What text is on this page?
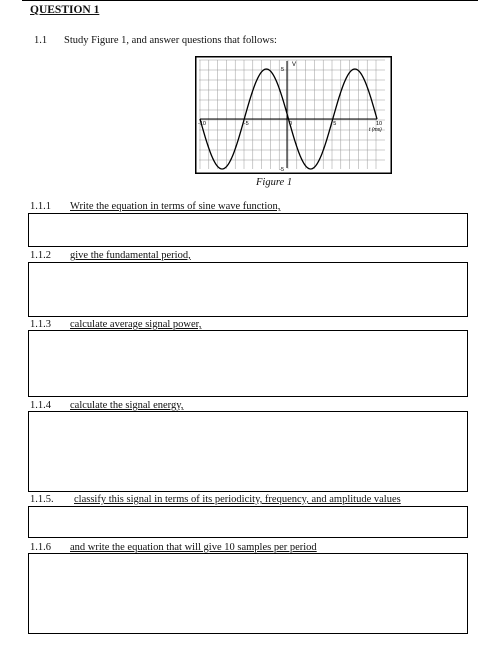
QUESTION 1
1.1 Study Figure 1, and answer questions that follows:
-10	-5	0	5	10
5
-5
V
t (ms)
Figure 1
1.1.1 Write the equation in terms of sine wave function,
1.1.2 give the fundamental period,
1.1.3 calculate average signal power,
1.1.4 calculate the signal energy,
1.1.5. classify this signal in terms of its periodicity, frequency, and amplitude values
1.1.6 and write the equation that will give 10 samples per period
